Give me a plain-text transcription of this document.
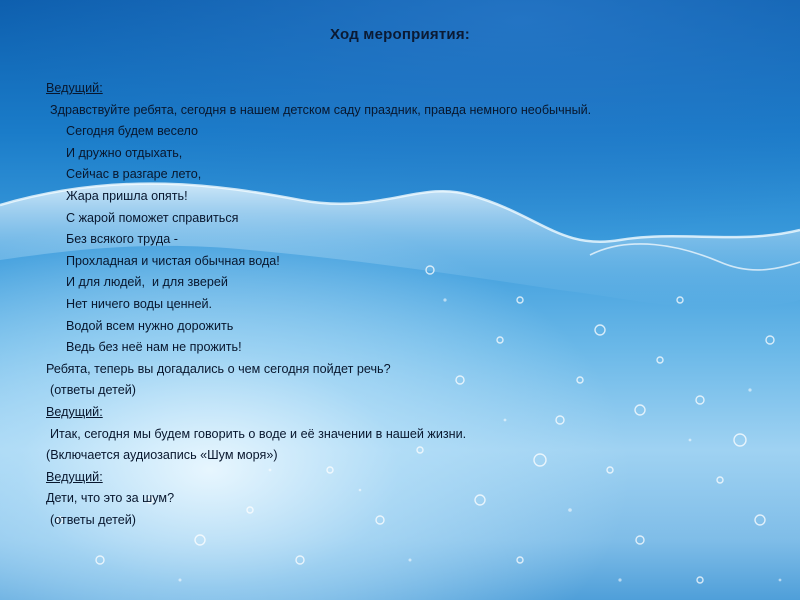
Ход мероприятия:
Ведущий:
Здравствуйте ребята, сегодня в нашем детском саду праздник, правда немного необычный.
Сегодня будем весело
И дружно отдыхать,
Сейчас в разгаре лето,
Жара пришла опять!
С жарой поможет справиться
Без всякого труда -
Прохладная и чистая обычная вода!
И для людей,  и для зверей
Нет ничего воды ценней.
Водой всем нужно дорожить
Ведь без неё нам не прожить!
Ребята, теперь вы догадались о чем сегодня пойдет речь?
(ответы детей)
Ведущий:
Итак, сегодня мы будем говорить о воде и её значении в нашей жизни.
(Включается аудиозапись «Шум моря»)
Ведущий:
Дети, что это за шум?
(ответы детей)
